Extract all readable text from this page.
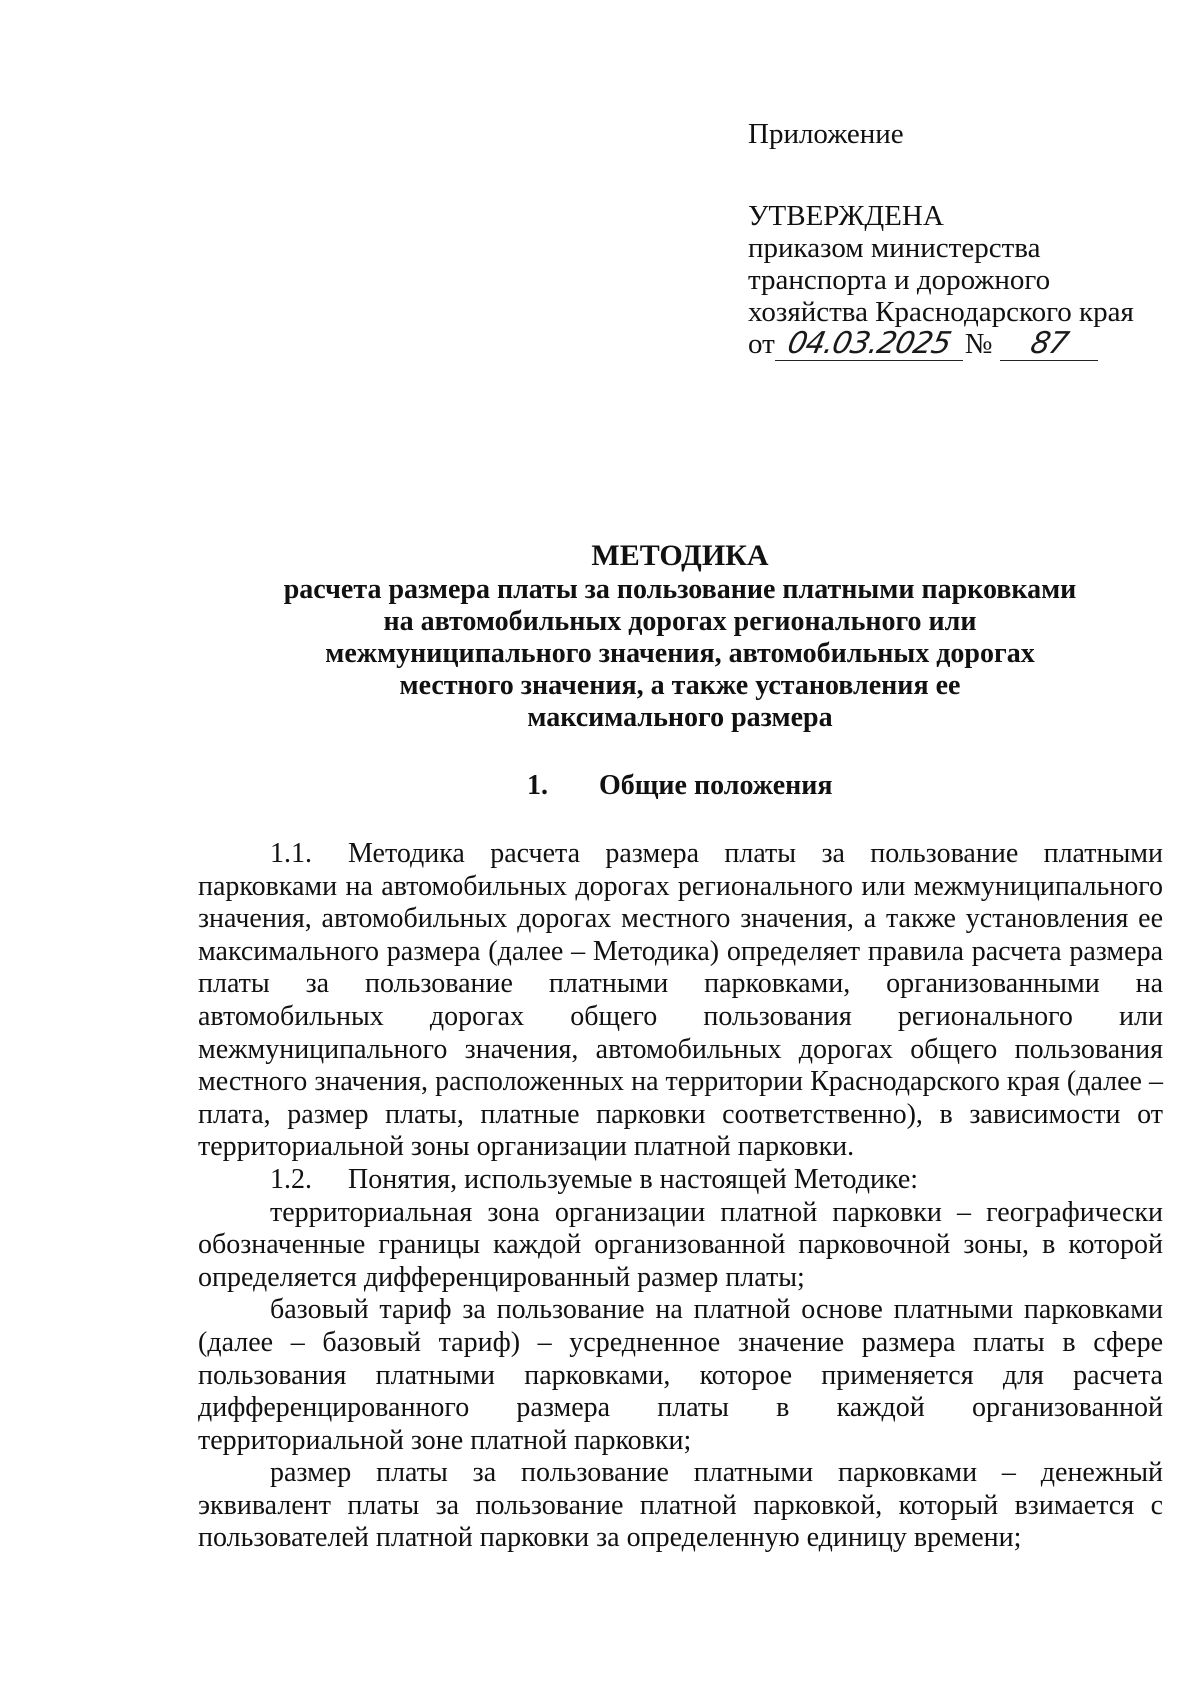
Приложение
УТВЕРЖДЕНА
приказом министерства
транспорта и дорожного
хозяйства Краснодарского края
от 04.03.2025 № 87
МЕТОДИКА
расчета размера платы за пользование платными парковками
на автомобильных дорогах регионального или
межмуниципального значения, автомобильных дорогах
местного значения, а также установления ее
максимального размера
1. Общие положения

1.1. Методика расчета размера платы за пользование платными парковками на автомобильных дорогах регионального или межмуниципального значения, автомобильных дорогах местного значения, а также установления ее максимального размера (далее – Методика) определяет правила расчета размера платы за пользование платными парковками, организованными на автомобильных дорогах общего пользования регионального или межмуниципального значения, автомобильных дорогах общего пользования местного значения, расположенных на территории Краснодарского края (далее – плата, размер платы, платные парковки соответственно), в зависимости от территориальной зоны организации платной парковки.

1.2. Понятия, используемые в настоящей Методике:

территориальная зона организации платной парковки – географически обозначенные границы каждой организованной парковочной зоны, в которой определяется дифференцированный размер платы;

базовый тариф за пользование на платной основе платными парковками (далее – базовый тариф) – усредненное значение размера платы в сфере пользования платными парковками, которое применяется для расчета дифференцированного размера платы в каждой организованной территориальной зоне платной парковки;

размер платы за пользование платными парковками – денежный эквивалент платы за пользование платной парковкой, который взимается с пользователей платной парковки за определенную единицу времени;
